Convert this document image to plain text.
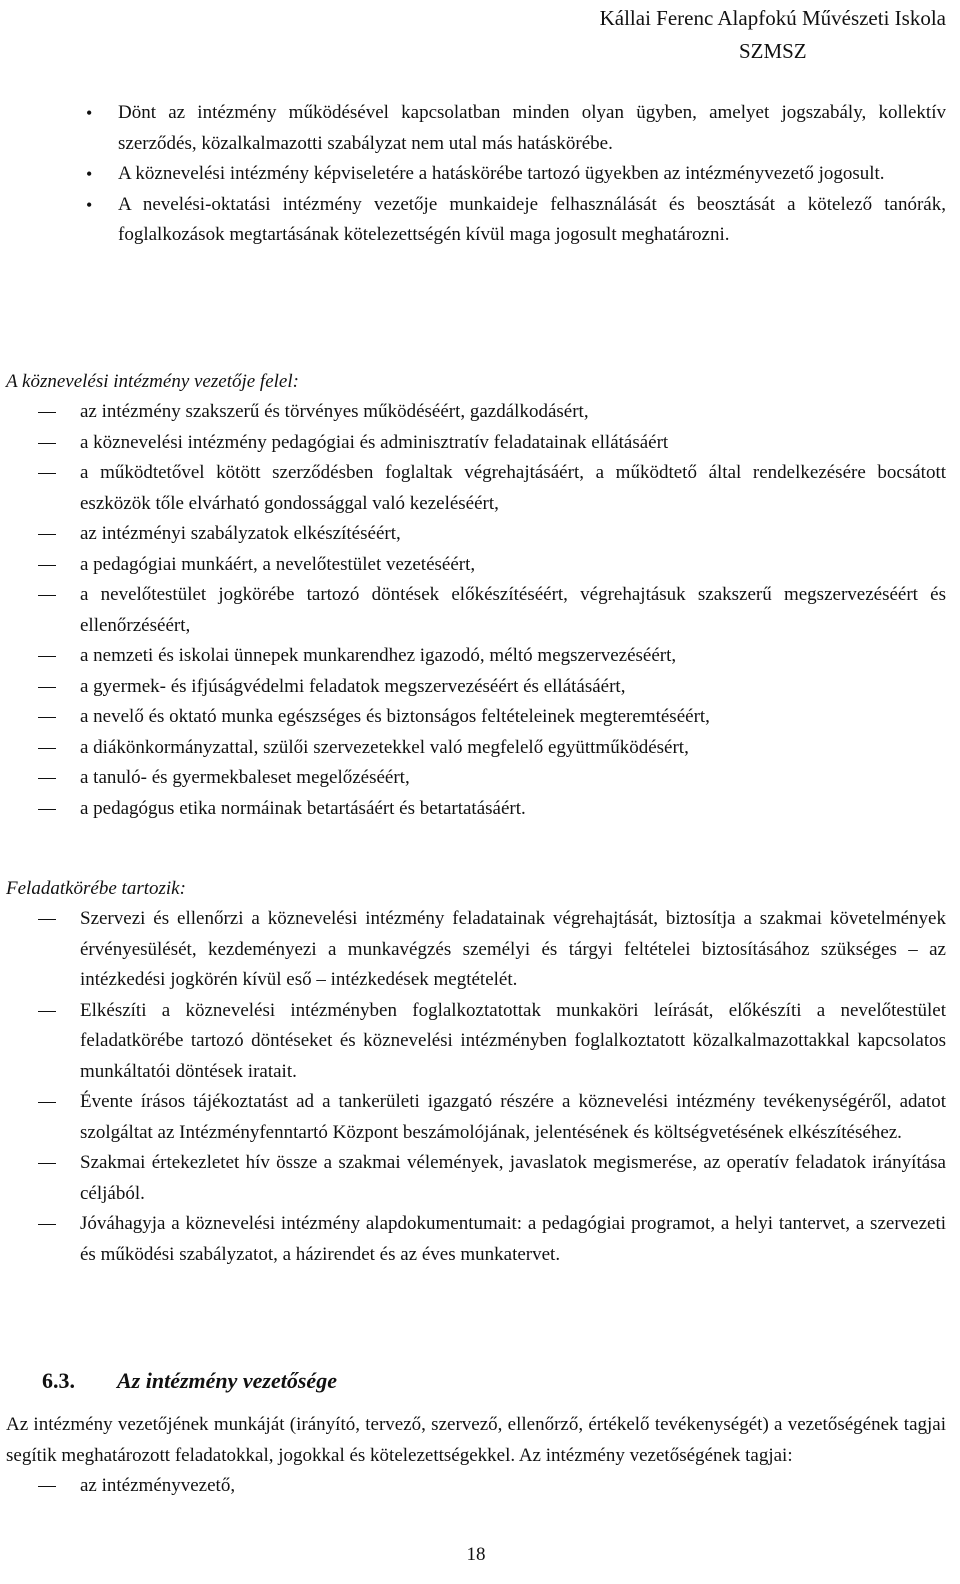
Kállai Ferenc Alapfokú Művészeti Iskola
SZMSZ
• Dönt az intézmény működésével kapcsolatban minden olyan ügyben, amelyet jogszabály, kollektív szerződés, közalkalmazotti szabályzat nem utal más hatáskörébe.
• A köznevelési intézmény képviseletére a hatáskörébe tartozó ügyekben az intézményvezető jogosult.
• A nevelési-oktatási intézmény vezetője munkaideje felhasználását és beosztását a kötelező tanórák, foglalkozások megtartásának kötelezettségén kívül maga jogosult meghatározni.

A köznevelési intézmény vezetője felel:

az intézmény szakszerű és törvényes működéséért, gazdálkodásért,
a köznevelési intézmény pedagógiai és adminisztratív feladatainak ellátásáért
a működtetővel kötött szerződésben foglaltak végrehajtásáért, a működtető által rendelkezésére bocsátott eszközök tőle elvárható gondossággal való kezeléséért,
az intézményi szabályzatok elkészítéséért,
a pedagógiai munkáért, a nevelőtestület vezetéséért,
a nevelőtestület jogkörébe tartozó döntések előkészítéséért, végrehajtásuk szakszerű megszervezéséért és ellenőrzéséért,
a nemzeti és iskolai ünnepek munkarendhez igazodó, méltó megszervezéséért,
a gyermek- és ifjúságvédelmi feladatok megszervezéséért és ellátásáért,
a nevelő és oktató munka egészséges és biztonságos feltételeinek megteremtéséért,
a diákönkormányzattal, szülői szervezetekkel való megfelelő együttműködésért,
a tanuló- és gyermekbaleset megelőzéséért,
a pedagógus etika normáinak betartásáért és betartatásáért.

Feladatkörébe tartozik:

Szervezi és ellenőrzi a köznevelési intézmény feladatainak végrehajtását, biztosítja a szakmai követelmények érvényesülését, kezdeményezi a munkavégzés személyi és tárgyi feltételei biztosításához szükséges – az intézkedési jogkörén kívül eső – intézkedések megtételét.
Elkészíti a köznevelési intézményben foglalkoztatottak munkaköri leírását, előkészíti a nevelőtestület feladatkörébe tartozó döntéseket és köznevelési intézményben foglalkoztatott közalkalmazottakkal kapcsolatos munkáltatói döntések iratait.
Évente írásos tájékoztatást ad a tankerületi igazgató részére a köznevelési intézmény tevékenységéről, adatot szolgáltat az Intézményfenntartó Központ beszámolójának, jelentésének és költségvetésének elkészítéséhez.
Szakmai értekezletet hív össze a szakmai vélemények, javaslatok megismerése, az operatív feladatok irányítása céljából.
Jóváhagyja a köznevelési intézmény alapdokumentumait: a pedagógiai programot, a helyi tantervet, a szervezeti és működési szabályzatot, a házirendet és az éves munkatervet.
6.3. Az intézmény vezetősége

Az intézmény vezetőjének munkáját (irányító, tervező, szervező, ellenőrző, értékelő tevékenységét) a vezetőségének tagjai segítik meghatározott feladatokkal, jogokkal és kötelezettségekkel. Az intézmény vezetőségének tagjai:

az intézményvezető,
18
